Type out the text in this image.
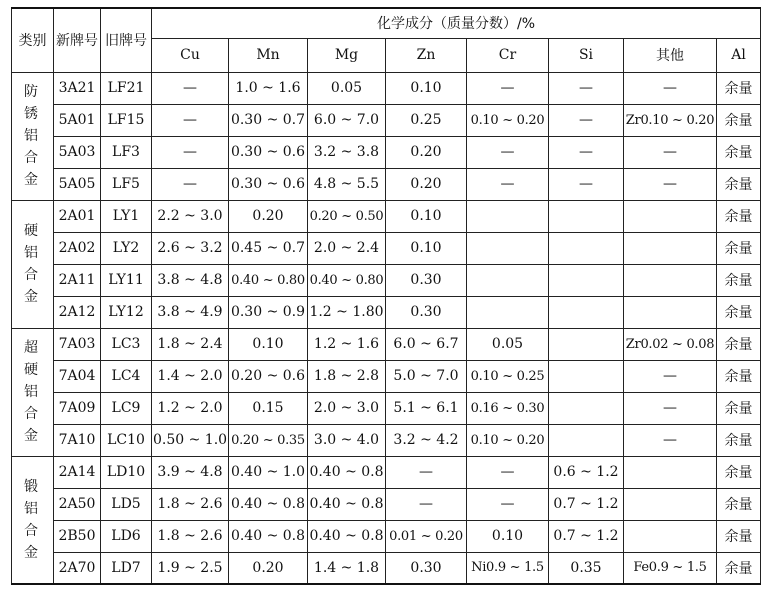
类别	新牌号	旧牌号	化学成分（质量分数）/%							
			Cu	Mn	Mg	Zn	Cr	Si	其他	Al
防锈铝合金	3A21	LF21	—	1.0 ~ 1.6	0.05	0.10	—	—	—	余量
	5A01	LF15	—	0.30 ~ 0.7	6.0 ~ 7.0	0.25	0.10 ~ 0.20	—	Zr0.10 ~ 0.20	余量
	5A03	LF3	—	0.30 ~ 0.6	3.2 ~ 3.8	0.20	—	—	—	余量
	5A05	LF5	—	0.30 ~ 0.6	4.8 ~ 5.5	0.20	—	—	—	余量
硬铝合金	2A01	LY1	2.2 ~ 3.0	0.20	0.20 ~ 0.50	0.10				余量
	2A02	LY2	2.6 ~ 3.2	0.45 ~ 0.7	2.0 ~ 2.4	0.10				余量
	2A11	LY11	3.8 ~ 4.8	0.40 ~ 0.80	0.40 ~ 0.80	0.30				余量
	2A12	LY12	3.8 ~ 4.9	0.30 ~ 0.9	1.2 ~ 1.80	0.30				余量
超硬铝合金	7A03	LC3	1.8 ~ 2.4	0.10	1.2 ~ 1.6	6.0 ~ 6.7	0.05		Zr0.02 ~ 0.08	余量
	7A04	LC4	1.4 ~ 2.0	0.20 ~ 0.6	1.8 ~ 2.8	5.0 ~ 7.0	0.10 ~ 0.25		—	余量
	7A09	LC9	1.2 ~ 2.0	0.15	2.0 ~ 3.0	5.1 ~ 6.1	0.16 ~ 0.30		—	余量
	7A10	LC10	0.50 ~ 1.0	0.20 ~ 0.35	3.0 ~ 4.0	3.2 ~ 4.2	0.10 ~ 0.20		—	余量
锻铝合金	2A14	LD10	3.9 ~ 4.8	0.40 ~ 1.0	0.40 ~ 0.8	—	—	0.6 ~ 1.2		余量
	2A50	LD5	1.8 ~ 2.6	0.40 ~ 0.8	0.40 ~ 0.8	—	—	0.7 ~ 1.2		余量
	2B50	LD6	1.8 ~ 2.6	0.40 ~ 0.8	0.40 ~ 0.8	0.01 ~ 0.20	0.10	0.7 ~ 1.2		余量
	2A70	LD7	1.9 ~ 2.5	0.20	1.4 ~ 1.8	0.30	Ni0.9 ~ 1.5	0.35	Fe0.9 ~ 1.5	余量
